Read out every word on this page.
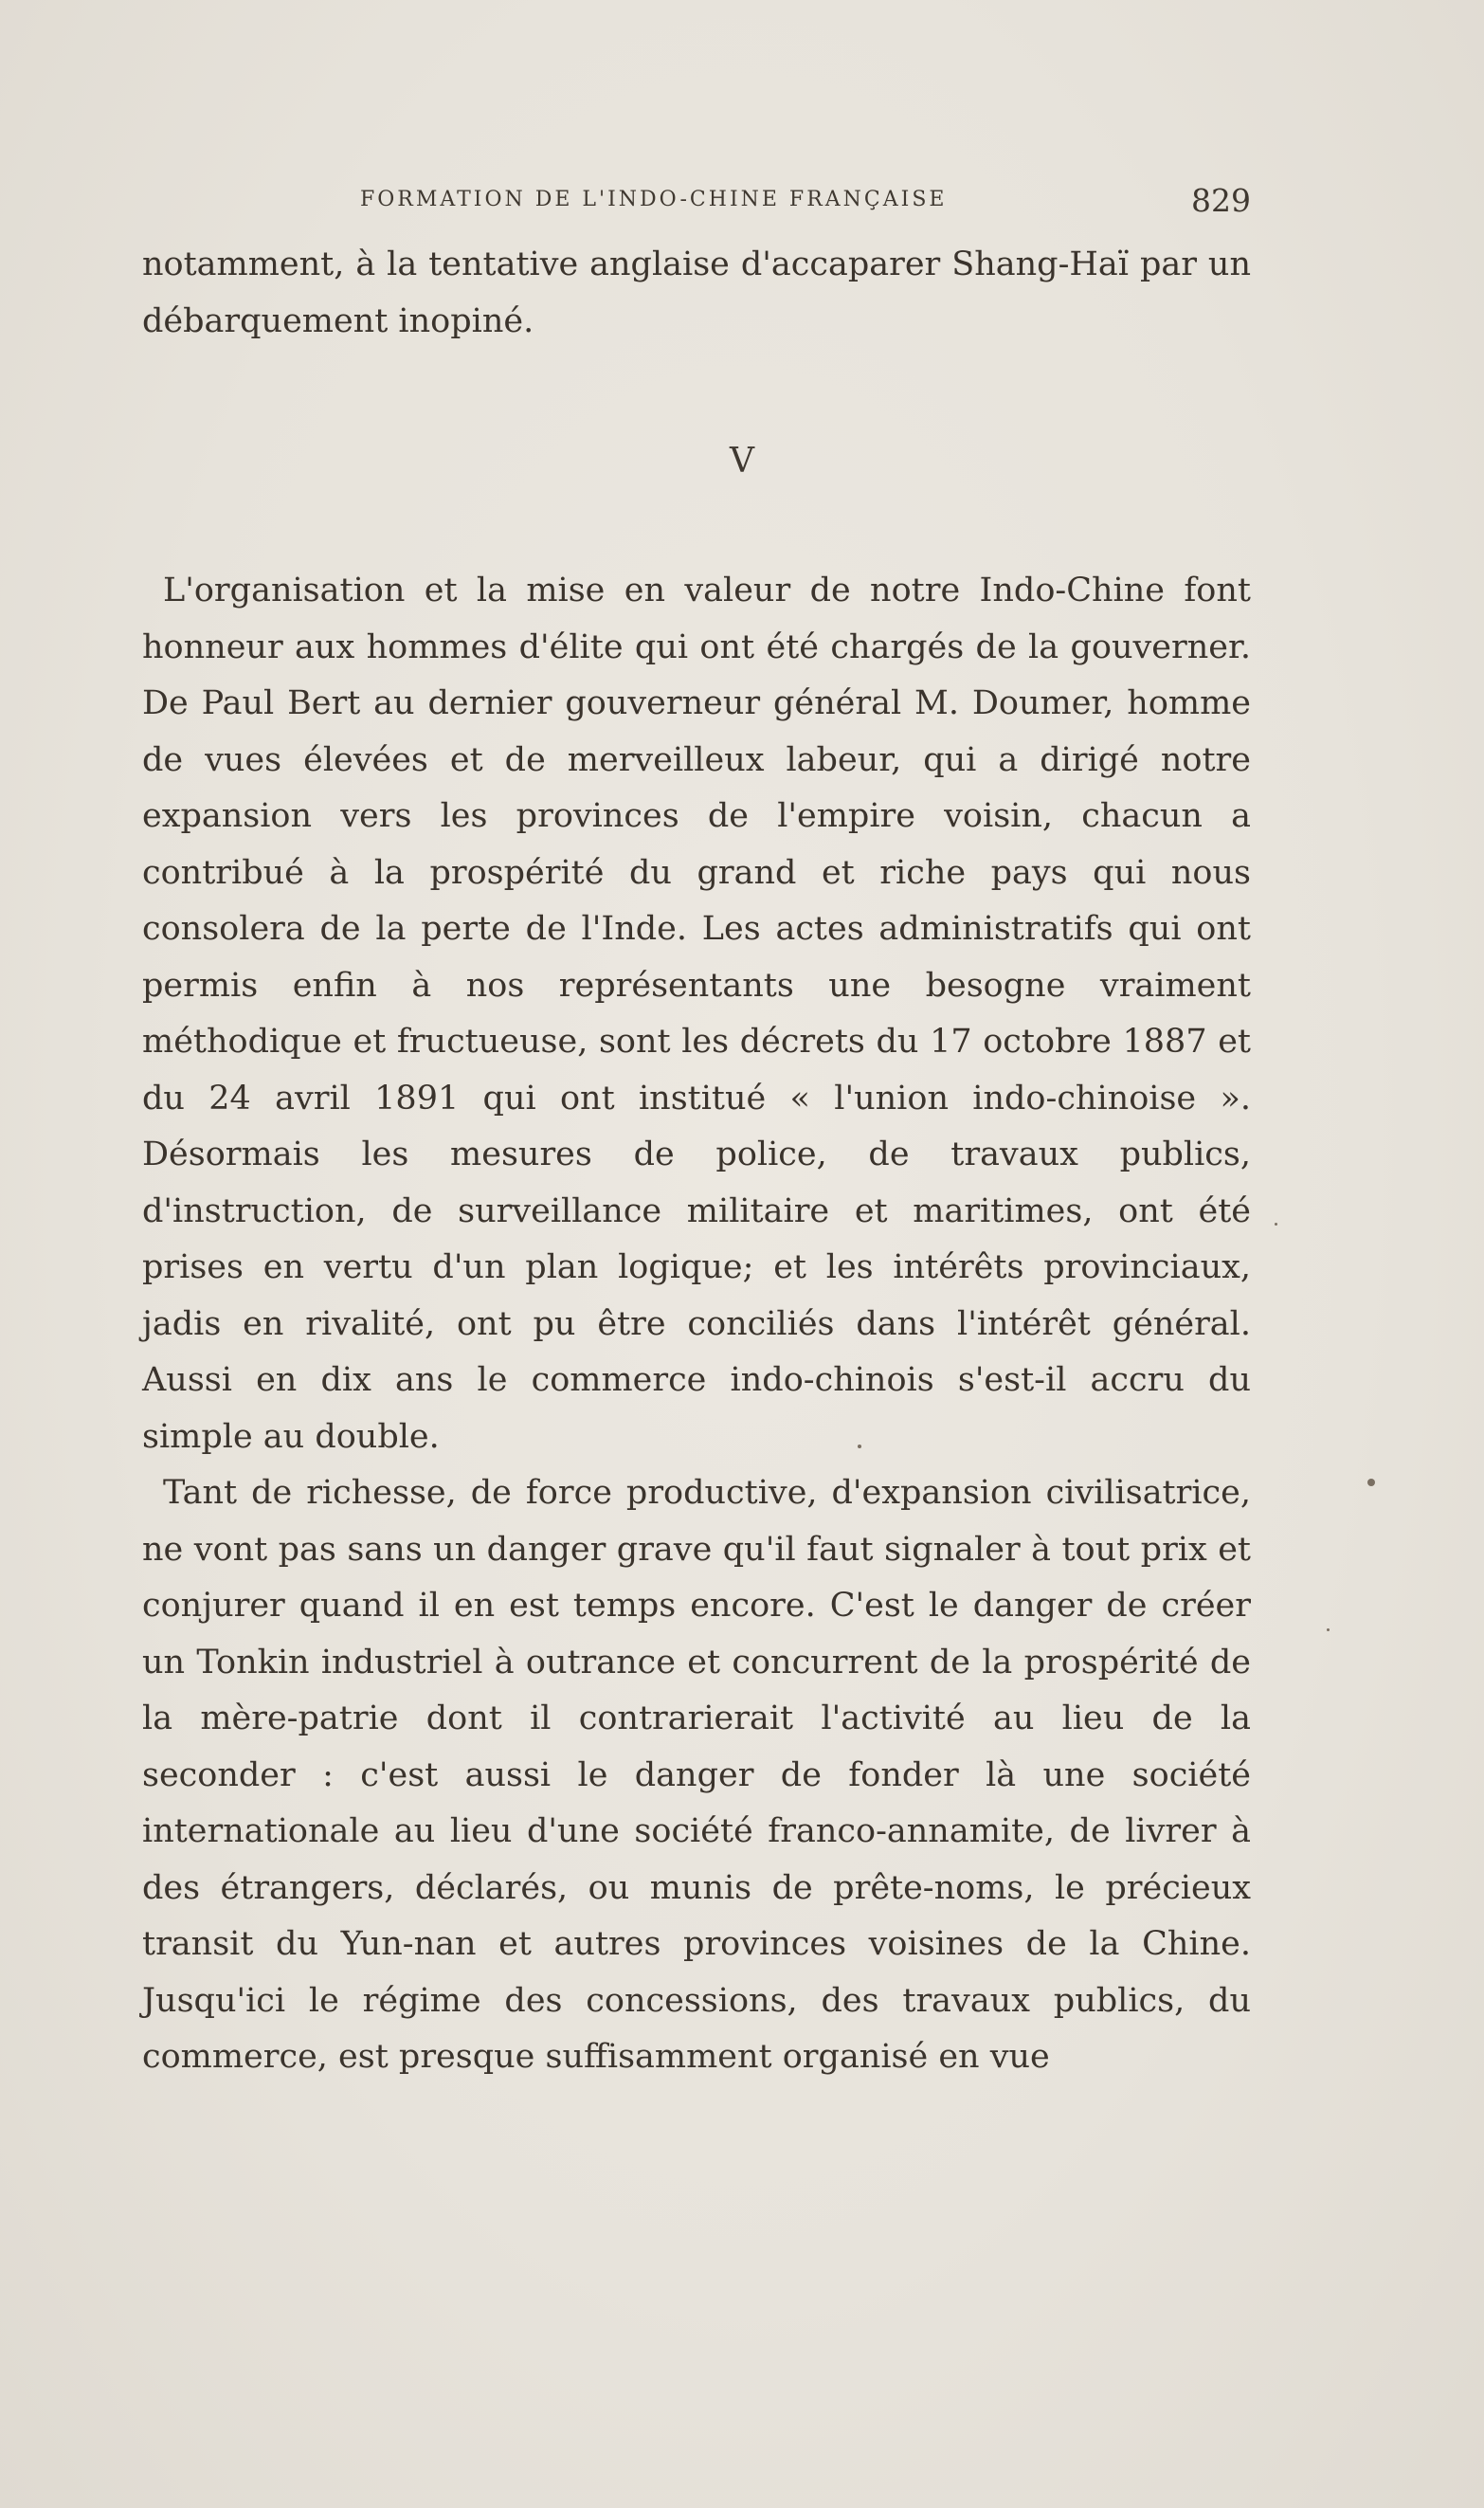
FORMATION DE L'INDO-CHINE FRANÇAISE	829

notamment, à la tentative anglaise d'accaparer Shang-Haï par un débarquement inopiné.

V

L'organisation et la mise en valeur de notre Indo-Chine font honneur aux hommes d'élite qui ont été chargés de la gouverner. De Paul Bert au dernier gouverneur général M. Doumer, homme de vues élevées et de merveilleux labeur, qui a dirigé notre expansion vers les provinces de l'empire voisin, chacun a contribué à la prospérité du grand et riche pays qui nous consolera de la perte de l'Inde. Les actes administratifs qui ont permis enfin à nos représentants une besogne vraiment méthodique et fructueuse, sont les décrets du 17 octobre 1887 et du 24 avril 1891 qui ont institué « l'union indo-chinoise ». Désormais les mesures de police, de travaux publics, d'instruction, de surveillance militaire et maritimes, ont été prises en vertu d'un plan logique; et les intérêts provinciaux, jadis en rivalité, ont pu être conciliés dans l'intérêt général. Aussi en dix ans le commerce indo-chinois s'est-il accru du simple au double.

Tant de richesse, de force productive, d'expansion civilisatrice, ne vont pas sans un danger grave qu'il faut signaler à tout prix et conjurer quand il en est temps encore. C'est le danger de créer un Tonkin industriel à outrance et concurrent de la prospérité de la mère-patrie dont il contrarierait l'activité au lieu de la seconder : c'est aussi le danger de fonder là une société internationale au lieu d'une société franco-annamite, de livrer à des étrangers, déclarés, ou munis de prête-noms, le précieux transit du Yun-nan et autres provinces voisines de la Chine. Jusqu'ici le régime des concessions, des travaux publics, du commerce, est presque suffisamment organisé en vue
